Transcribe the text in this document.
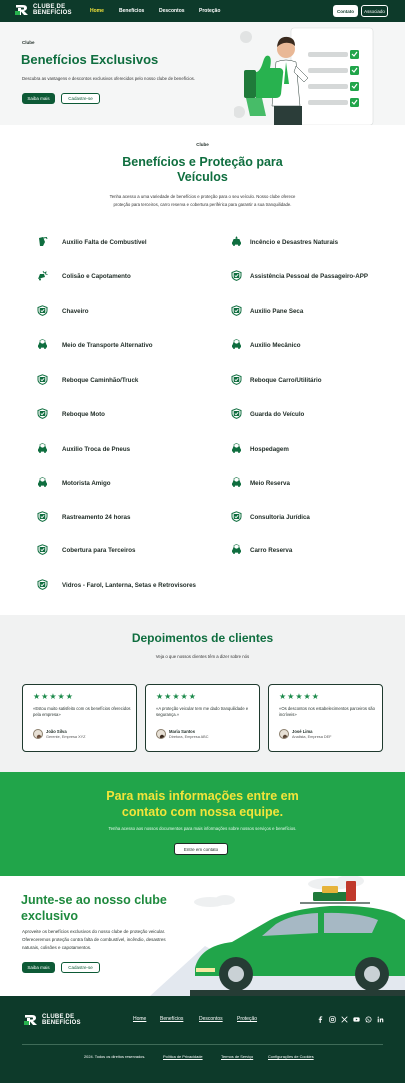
CLUBE DE
BENEFÍCIOS	Home	Benefícios	Descontos	Proteção	Contato	Associado
Clube
Benefícios Exclusivos

Descubra as vantagens e descontos exclusivos oferecidos pelo nosso clube de benefícios.

Saiba mais	Cadastre-se
Clube
Benefícios e Proteção para
Veículos

Tenha acesso a uma variedade de benefícios e proteção para o seu veículo. Nosso clube oferece
proteção para terceiros, carro reserva e cobertura periférica para garantir a sua tranquilidade.

Auxilio Falta de Combustível
Colisão e Capotamento
Chaveiro
Meio de Transporte Alternativo
Reboque Caminhão/Truck
Reboque Moto
Auxilio Troca de Pneus
Motorista Amigo
Rastreamento 24 horas
Cobertura para Terceiros
Vidros - Farol, Lanterna, Setas e Retrovisores
Incêncio e Desastres Naturais
Assistência Pessoal de Passageiro-APP
Auxilio Pane Seca
Auxilio Mecânico
Reboque Carro/Utilitário
Guarda do Veículo
Hospedagem
Meio Reserva
Consultoria Jurídica
Carro Reserva
Depoimentos de clientes

Veja o que nossos clientes têm a dizer sobre nós

★★★★★
«Estou muito satisfeito com os benefícios oferecidos pela empresa»
João Silva
Gerente, Empresa XYZ
★★★★★
«A proteção veicular tem me dado tranquilidade e segurança.»
Maria Santos
Diretora, Empresa ABC
★★★★★
«Os descontos nos estabelecimentos parceiros são incríveis»
José Lima
Analista, Empresa DEF
Para mais informações entre em
contato com nossa equipe.

Tenha acesso aos nossos documentos para mais informações sobre nossos serviços e benefícios.

Entre em contato
Junte-se ao nosso clube
exclusivo

Aproveite os benefícios exclusivos do nosso clube de proteção veicular.
Ofereceremos proteção contra falta de combustível, incêndio, desastres
naturais, colisões e capotamentos.

Saiba mais	Cadastre-se
CLUBE DE
BENEFÍCIOS
Home	Benefícios	Descontos	Proteção
2024. Todos os direitos reservados.	Política de Privacidade	Termos de Serviço	Configurações de Cookies
